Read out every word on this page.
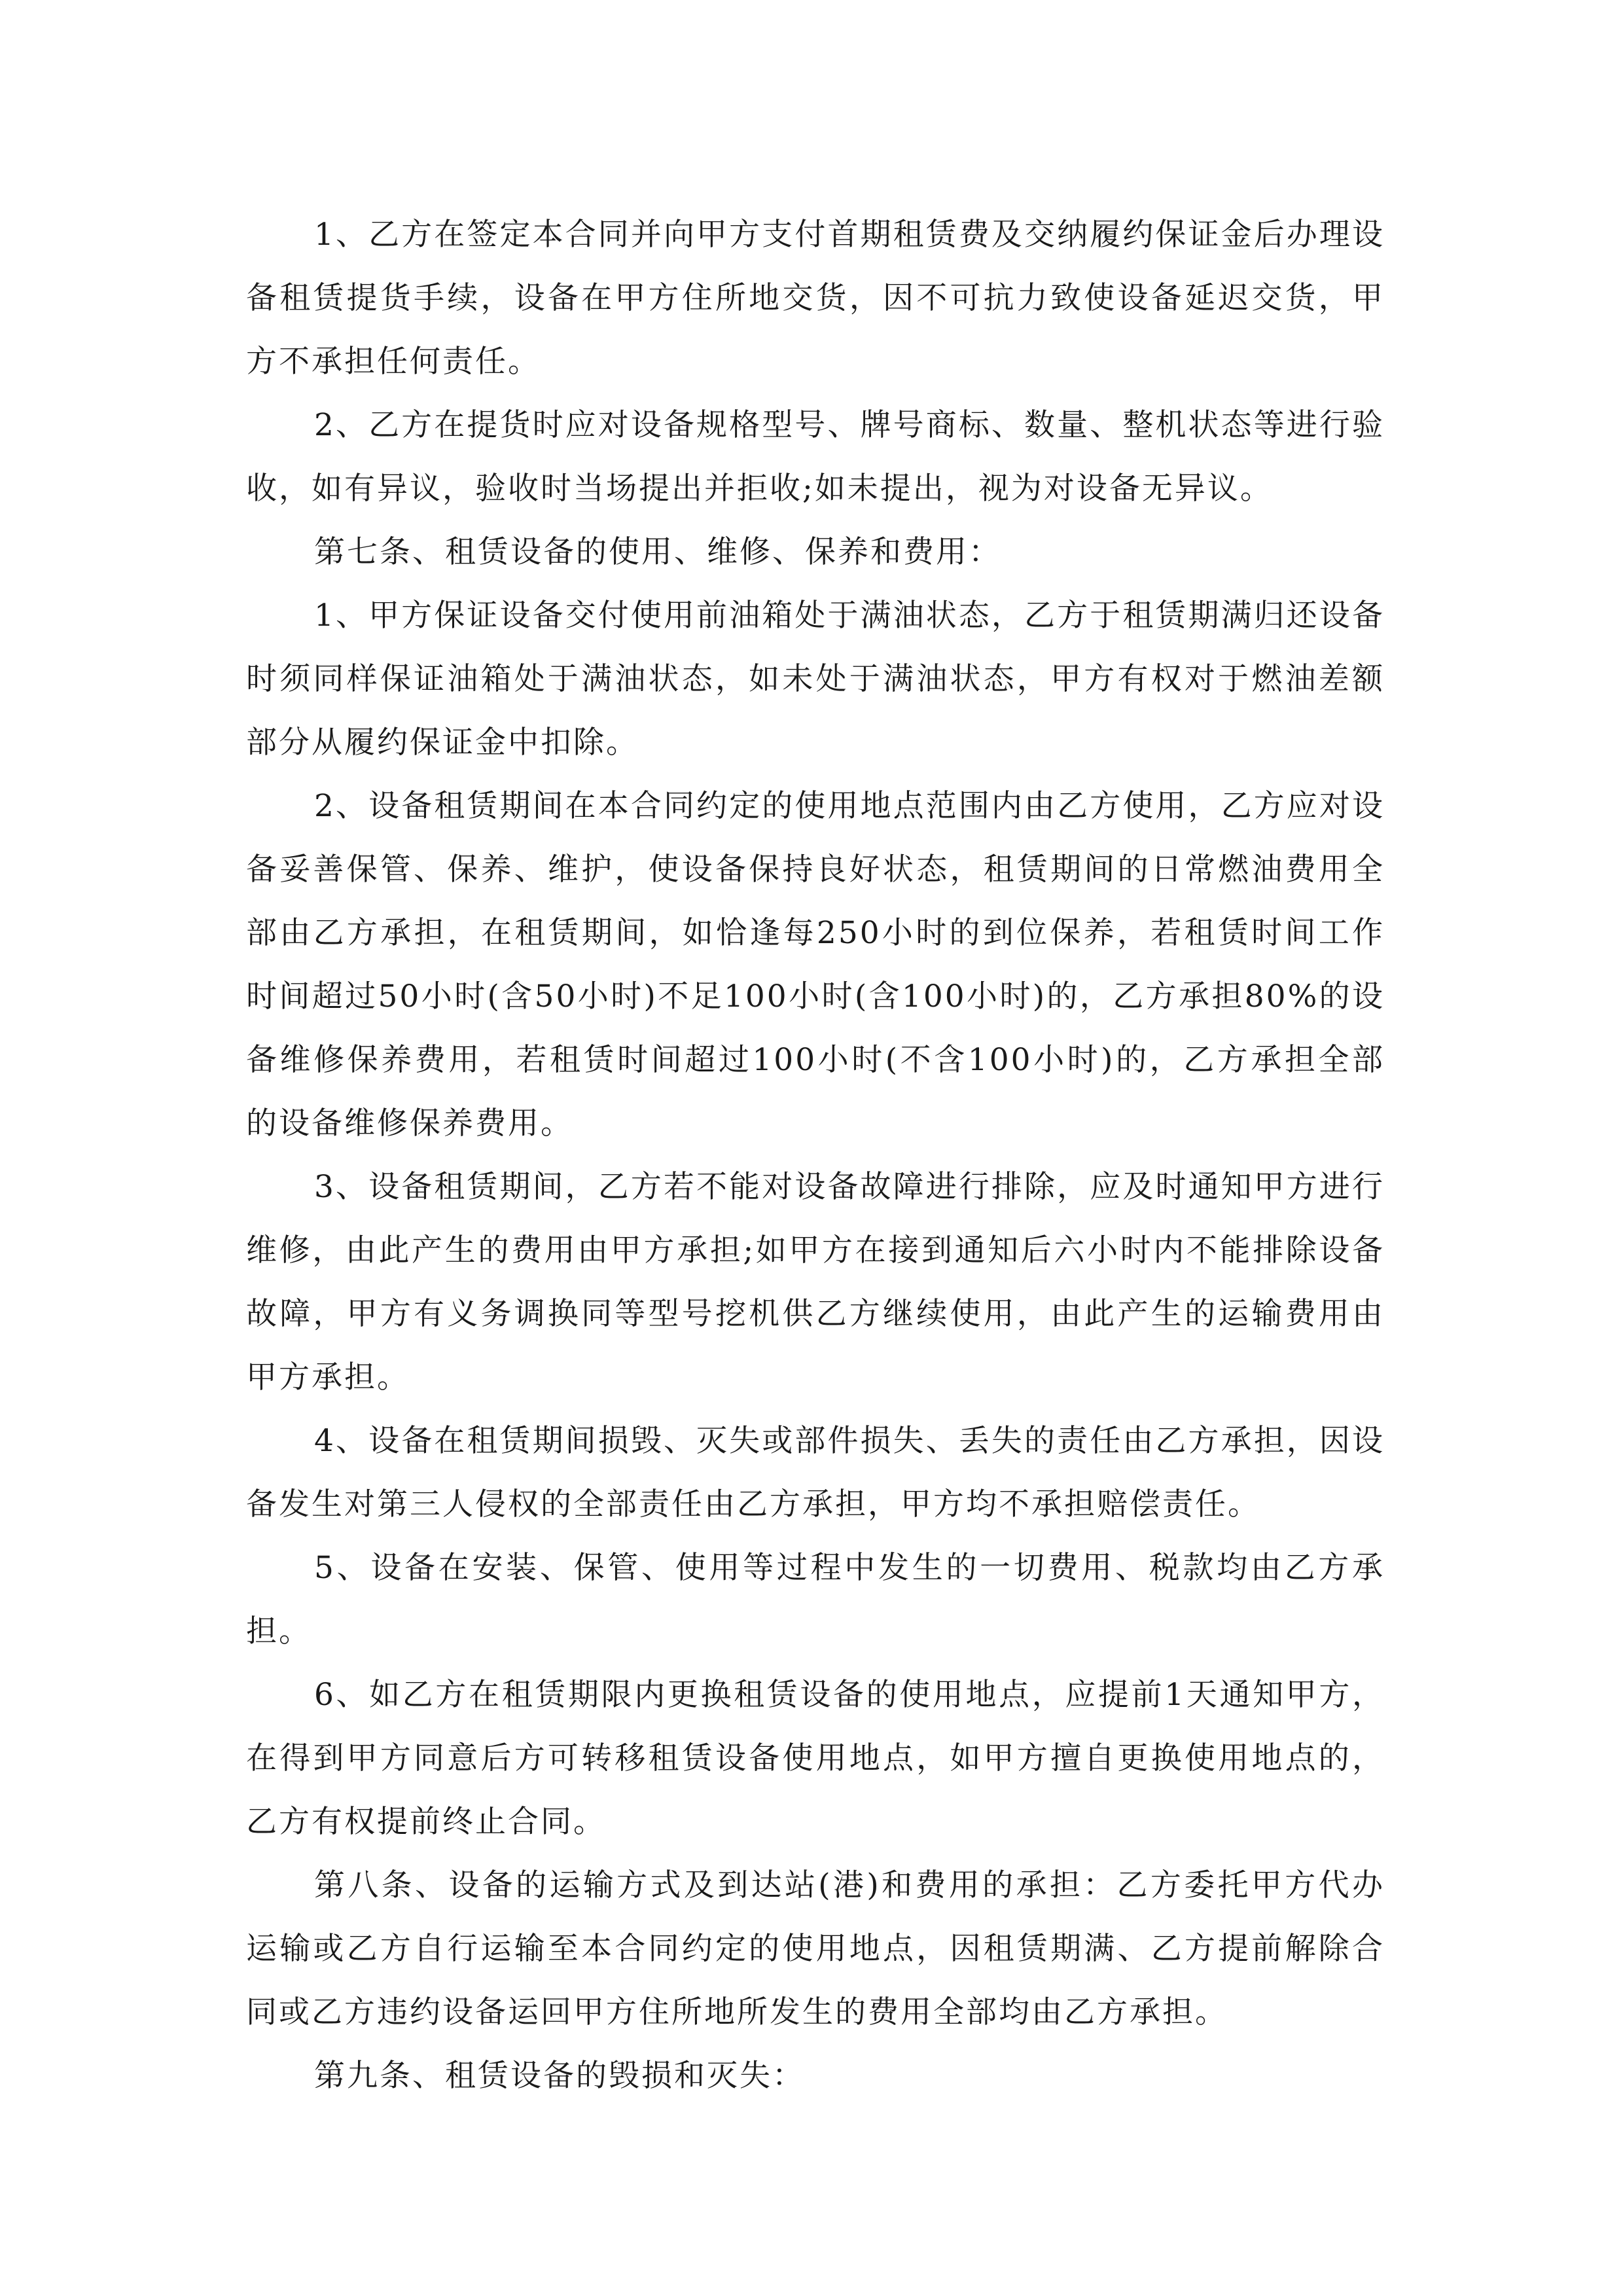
1、乙方在签定本合同并向甲方支付首期租赁费及交纳履约保证金后办理设备租赁提货手续，设备在甲方住所地交货，因不可抗力致使设备延迟交货，甲方不承担任何责任。

2、乙方在提货时应对设备规格型号、牌号商标、数量、整机状态等进行验收，如有异议，验收时当场提出并拒收;如未提出，视为对设备无异议。

第七条、租赁设备的使用、维修、保养和费用：

1、甲方保证设备交付使用前油箱处于满油状态，乙方于租赁期满归还设备时须同样保证油箱处于满油状态，如未处于满油状态，甲方有权对于燃油差额部分从履约保证金中扣除。

2、设备租赁期间在本合同约定的使用地点范围内由乙方使用，乙方应对设备妥善保管、保养、维护，使设备保持良好状态，租赁期间的日常燃油费用全部由乙方承担，在租赁期间，如恰逢每250小时的到位保养，若租赁时间工作时间超过50小时(含50小时)不足100小时(含100小时)的，乙方承担80%的设备维修保养费用，若租赁时间超过100小时(不含100小时)的，乙方承担全部的设备维修保养费用。

3、设备租赁期间，乙方若不能对设备故障进行排除，应及时通知甲方进行维修，由此产生的费用由甲方承担;如甲方在接到通知后六小时内不能排除设备故障，甲方有义务调换同等型号挖机供乙方继续使用，由此产生的运输费用由甲方承担。

4、设备在租赁期间损毁、灭失或部件损失、丢失的责任由乙方承担，因设备发生对第三人侵权的全部责任由乙方承担，甲方均不承担赔偿责任。

5、设备在安装、保管、使用等过程中发生的一切费用、税款均由乙方承担。

6、如乙方在租赁期限内更换租赁设备的使用地点，应提前1天通知甲方，在得到甲方同意后方可转移租赁设备使用地点，如甲方擅自更换使用地点的，乙方有权提前终止合同。

第八条、设备的运输方式及到达站(港)和费用的承担：乙方委托甲方代办运输或乙方自行运输至本合同约定的使用地点，因租赁期满、乙方提前解除合同或乙方违约设备运回甲方住所地所发生的费用全部均由乙方承担。

第九条、租赁设备的毁损和灭失：
